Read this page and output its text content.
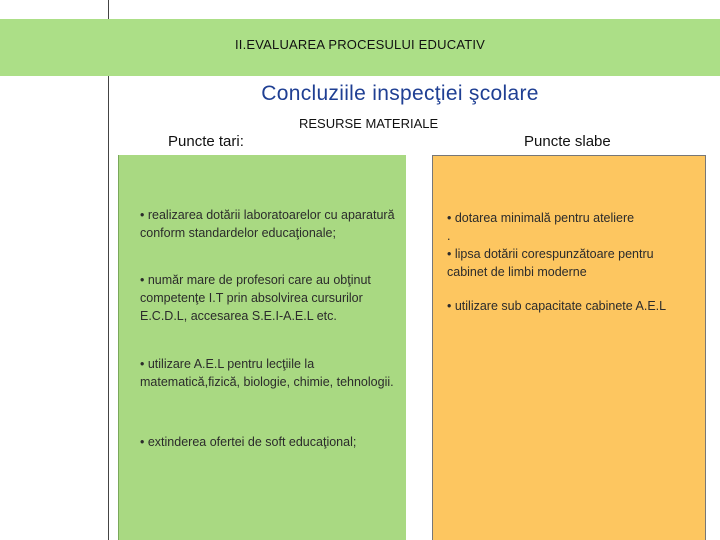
II.EVALUAREA PROCESULUI EDUCATIV
Concluziile inspecţiei şcolare
RESURSE MATERIALE
Puncte tari:	Puncte slabe
• realizarea dotării laboratoarelor cu aparatură conform standardelor educaţionale;
• număr mare de profesori care au obţinut competenţe I.T prin absolvirea cursurilor E.C.D.L, accesarea S.E.I-A.E.L etc.
• utilizare A.E.L pentru lecţiile la matematică,fizică, biologie, chimie, tehnologii.
• extinderea ofertei de soft educaţional;
• dotarea minimală pentru ateliere
.
• lipsa dotării corespunzătoare pentru cabinet de limbi moderne
• utilizare sub capacitate cabinete A.E.L
